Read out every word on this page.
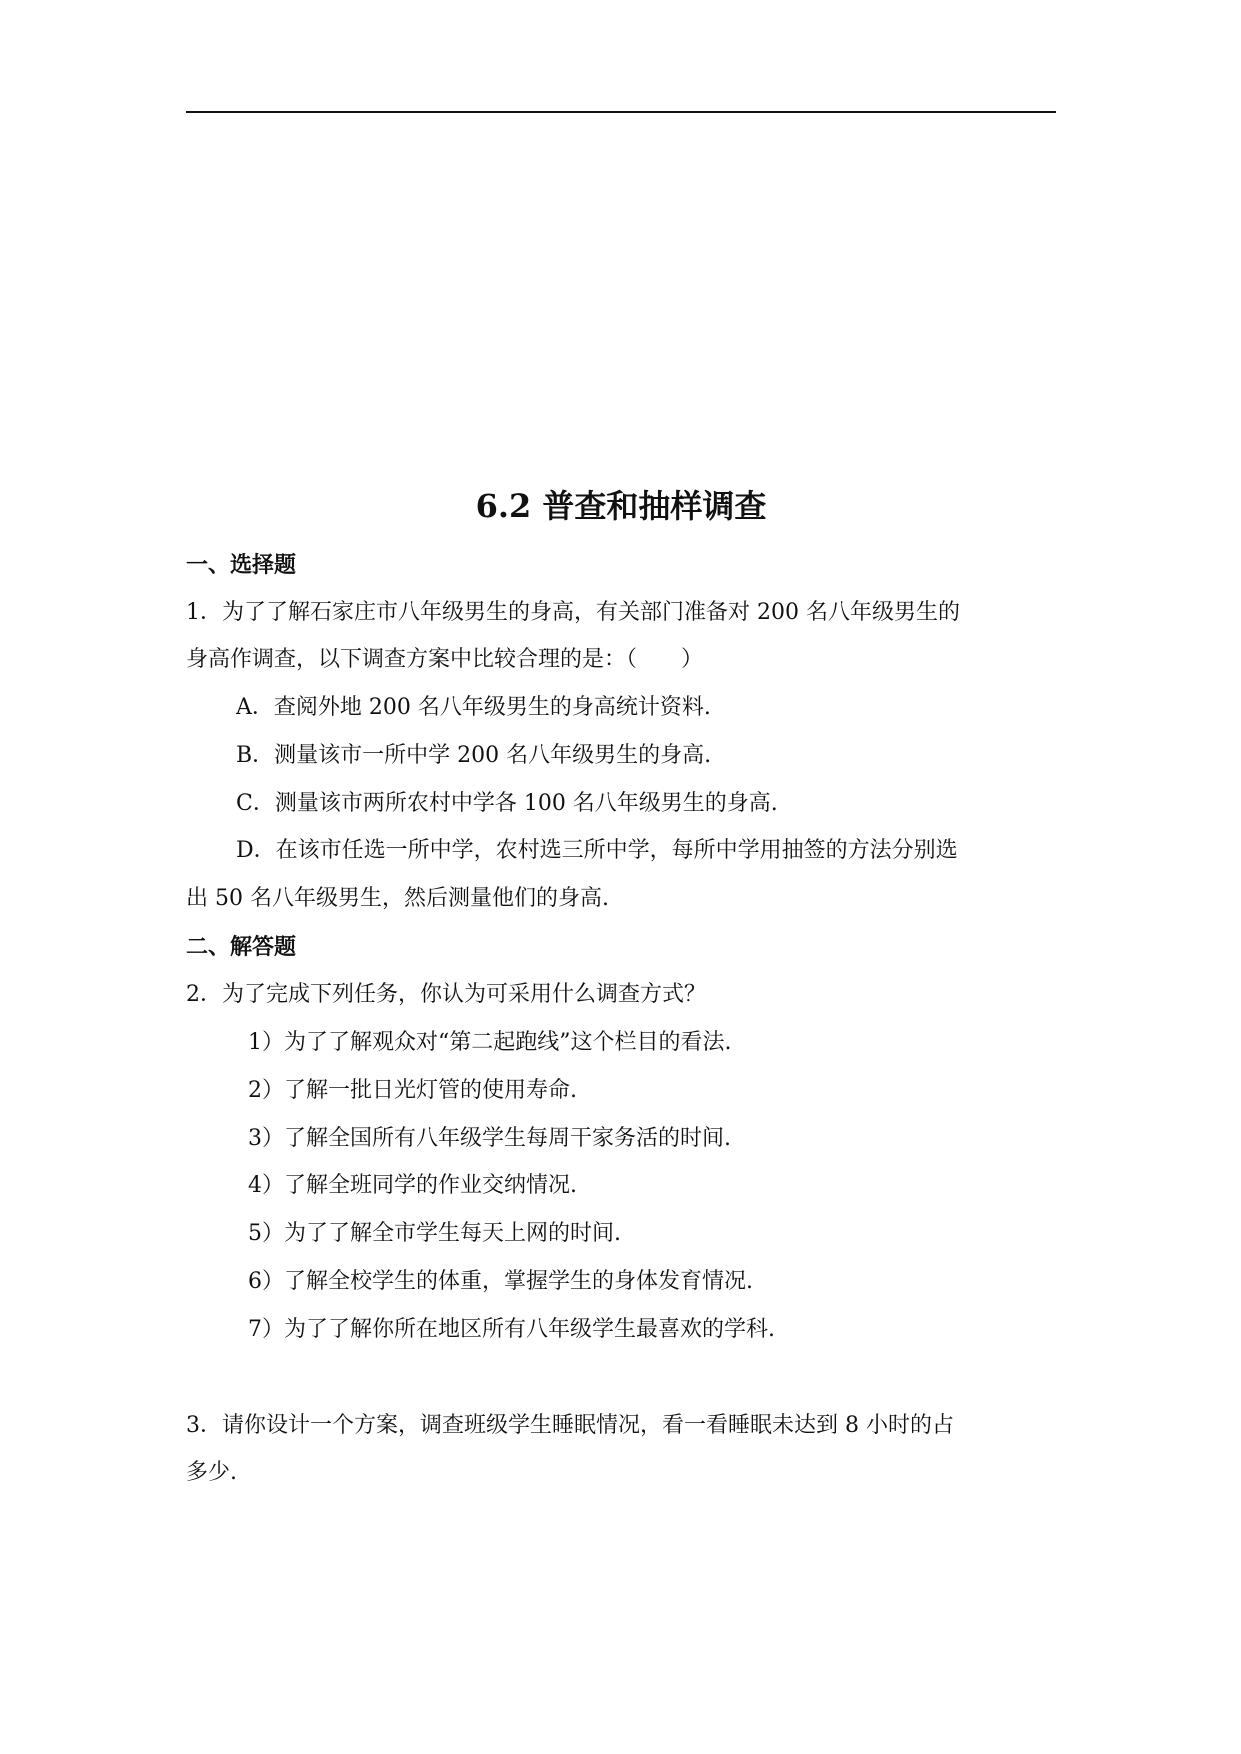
6.2 普查和抽样调查
一、选择题
1．为了了解石家庄市八年级男生的身高，有关部门准备对 200 名八年级男生的
身高作调查，以下调查方案中比较合理的是：（　　）
A．查阅外地 200 名八年级男生的身高统计资料.
B．测量该市一所中学 200 名八年级男生的身高.
C．测量该市两所农村中学各 100 名八年级男生的身高.
D．在该市任选一所中学，农村选三所中学，每所中学用抽签的方法分别选
出 50 名八年级男生，然后测量他们的身高.
二、解答题
2．为了完成下列任务，你认为可采用什么调查方式？
1）为了了解观众对“第二起跑线”这个栏目的看法.
2）了解一批日光灯管的使用寿命.
3）了解全国所有八年级学生每周干家务活的时间.
4）了解全班同学的作业交纳情况.
5）为了了解全市学生每天上网的时间.
6）了解全校学生的体重，掌握学生的身体发育情况.
7）为了了解你所在地区所有八年级学生最喜欢的学科.
3．请你设计一个方案，调查班级学生睡眠情况，看一看睡眠未达到 8 小时的占
多少.
